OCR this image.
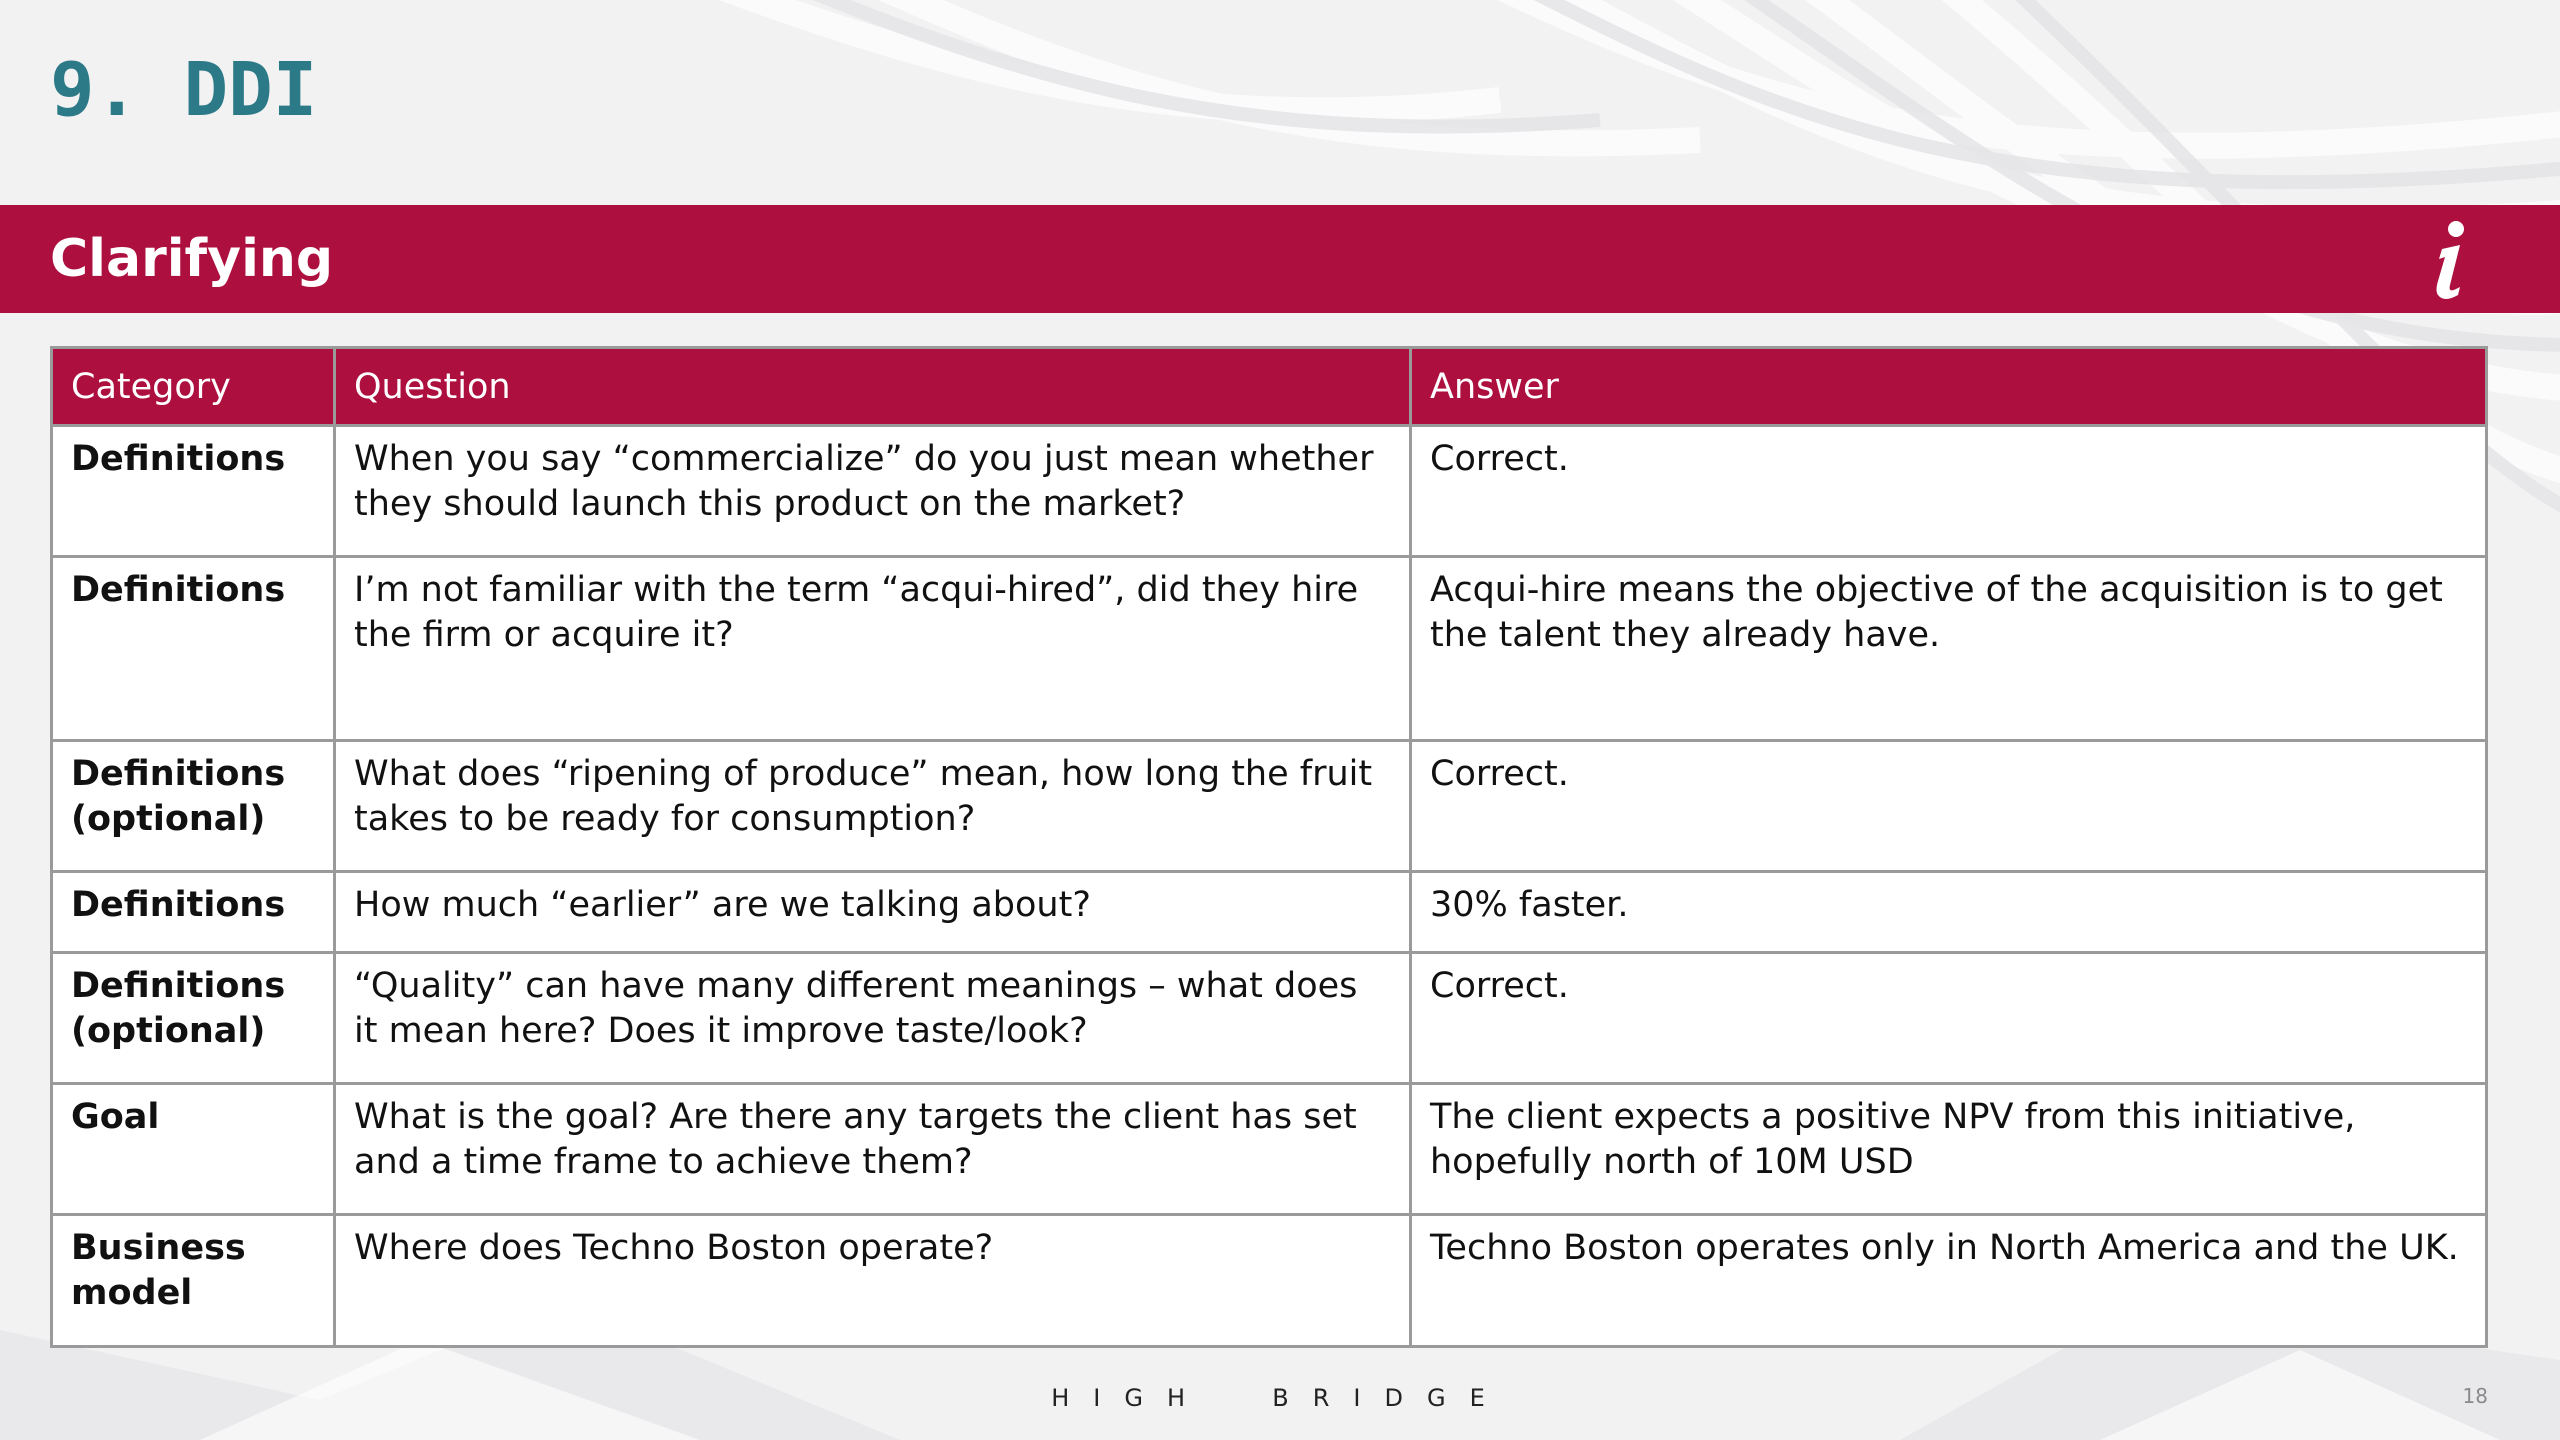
9. DDI
Clarifying
Category	Question	Answer
Definitions	When you say “commercialize” do you just mean whether they should launch this product on the market?	Correct.
Definitions	I’m not familiar with the term “acqui-hired”, did they hire the firm or acquire it?	Acqui-hire means the objective of the acquisition is to get the talent they already have.
Definitions (optional)	What does “ripening of produce” mean, how long the fruit takes to be ready for consumption?	Correct.
Definitions	How much “earlier” are we talking about?	30% faster.
Definitions (optional)	“Quality” can have many different meanings – what does it mean here? Does it improve taste/look?	Correct.
Goal	What is the goal? Are there any targets the client has set and a time frame to achieve them?	The client expects a positive NPV from this initiative, hopefully north of 10M USD
Business model	Where does Techno Boston operate?	Techno Boston operates only in North America and the UK.
HIGH  BRIDGE	18
